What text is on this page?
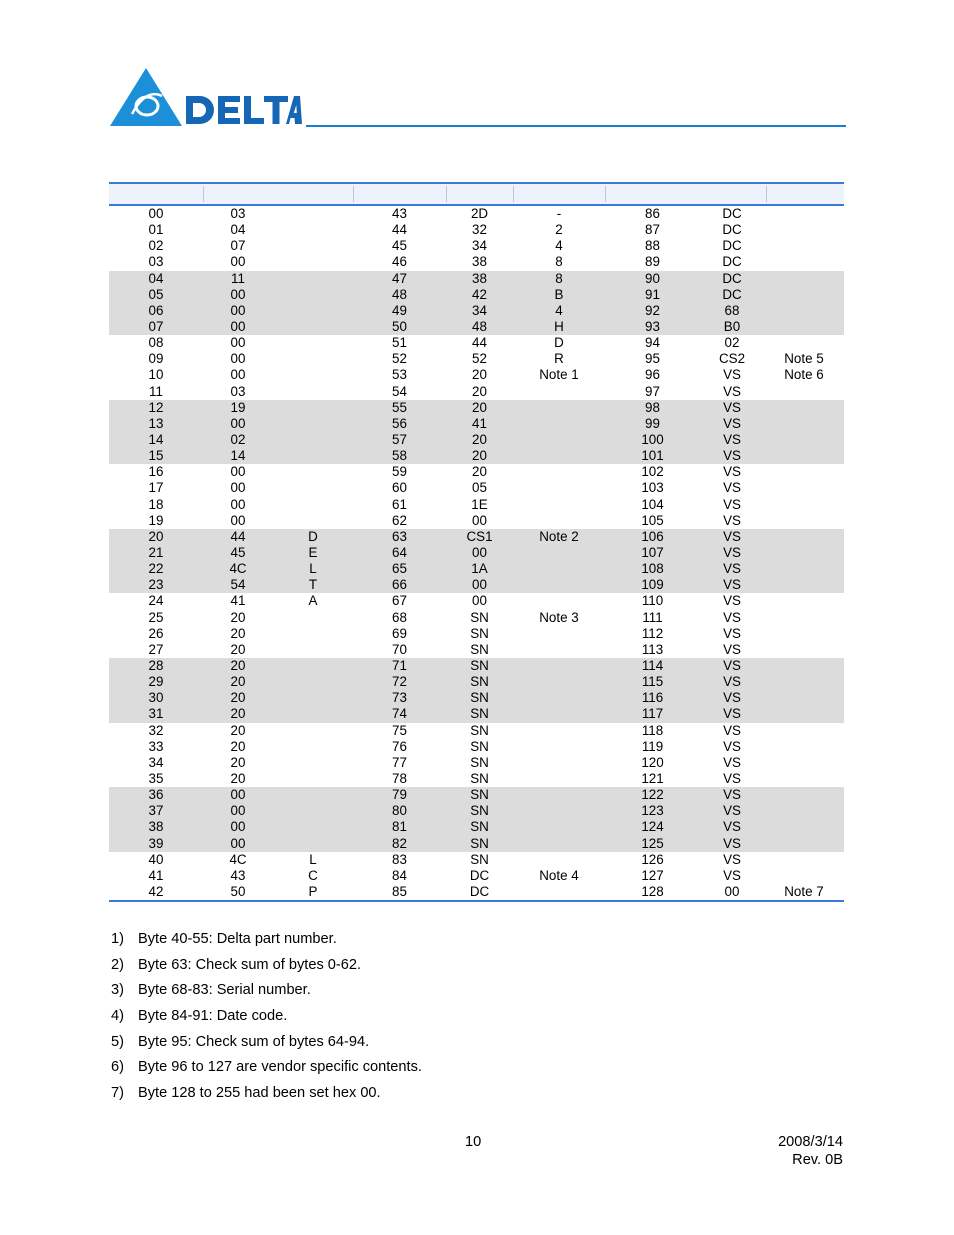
00	03		43	2D	-	86	DC	
01	04		44	32	2	87	DC	
02	07		45	34	4	88	DC	
03	00		46	38	8	89	DC	
04	11		47	38	8	90	DC	
05	00		48	42	B	91	DC	
06	00		49	34	4	92	68	
07	00		50	48	H	93	B0	
08	00		51	44	D	94	02	
09	00		52	52	R	95	CS2	Note 5
10	00		53	20	Note 1	96	VS	Note 6
11	03		54	20		97	VS	
12	19		55	20		98	VS	
13	00		56	41		99	VS	
14	02		57	20		100	VS	
15	14		58	20		101	VS	
16	00		59	20		102	VS	
17	00		60	05		103	VS	
18	00		61	1E		104	VS	
19	00		62	00		105	VS	
20	44	D	63	CS1	Note 2	106	VS	
21	45	E	64	00		107	VS	
22	4C	L	65	1A		108	VS	
23	54	T	66	00		109	VS	
24	41	A	67	00		110	VS	
25	20		68	SN	Note 3	111	VS	
26	20		69	SN		112	VS	
27	20		70	SN		113	VS	
28	20		71	SN		114	VS	
29	20		72	SN		115	VS	
30	20		73	SN		116	VS	
31	20		74	SN		117	VS	
32	20		75	SN		118	VS	
33	20		76	SN		119	VS	
34	20		77	SN		120	VS	
35	20		78	SN		121	VS	
36	00		79	SN		122	VS	
37	00		80	SN		123	VS	
38	00		81	SN		124	VS	
39	00		82	SN		125	VS	
40	4C	L	83	SN		126	VS	
41	43	C	84	DC	Note 4	127	VS	
42	50	P	85	DC		128	00	Note 7
1) Byte 40-55: Delta part number.
2) Byte 63: Check sum of bytes 0-62.
3) Byte 68-83: Serial number.
4) Byte 84-91: Date code.
5) Byte 95: Check sum of bytes 64-94.
6) Byte 96 to 127 are vendor specific contents.
7) Byte 128 to 255 had been set hex 00.
10	2008/3/14
Rev. 0B
